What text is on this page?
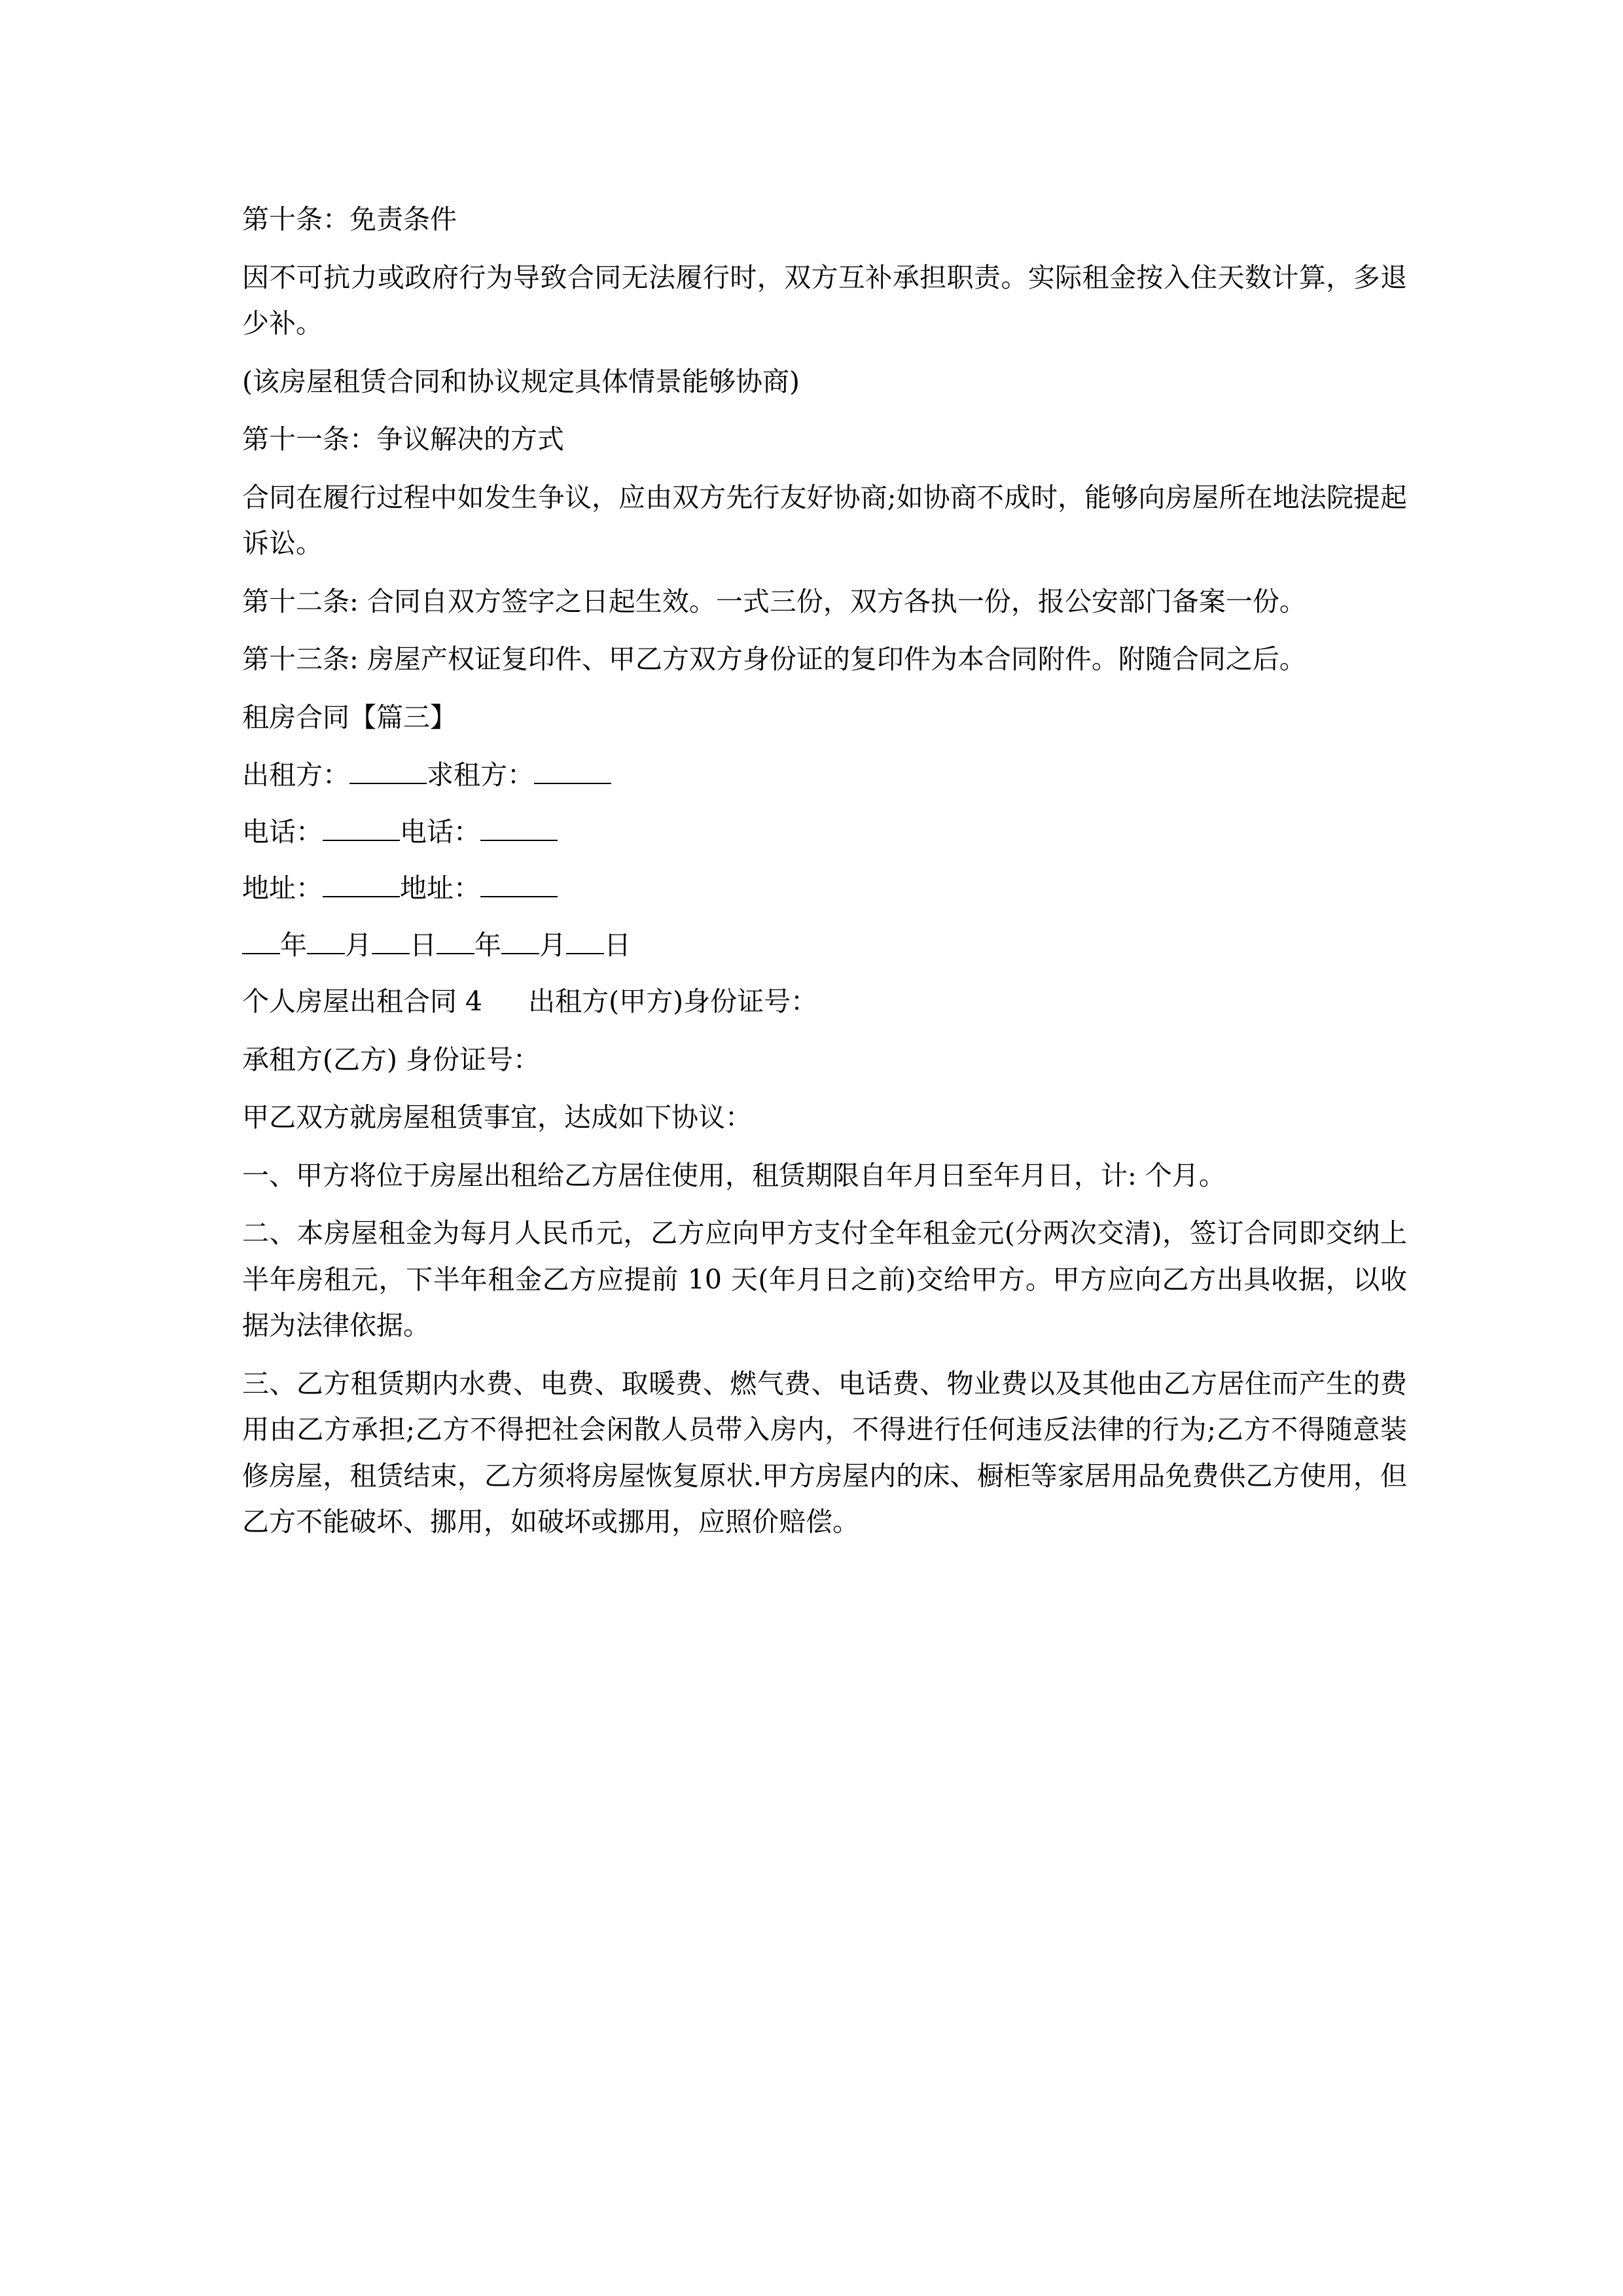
第十条：免责条件

因不可抗力或政府行为导致合同无法履行时，双方互补承担职责。实际租金按入住天数计算，多退少补。

(该房屋租赁合同和协议规定具体情景能够协商)

第十一条：争议解决的方式

合同在履行过程中如发生争议，应由双方先行友好协商;如协商不成时，能够向房屋所在地法院提起诉讼。

第十二条: 合同自双方签字之日起生效。一式三份，双方各执一份，报公安部门备案一份。

第十三条: 房屋产权证复印件、甲乙方双方身份证的复印件为本合同附件。附随合同之后。

租房合同【篇三】

出租方：	求租方：

电话：	电话：

地址：	地址：

年 月 日 年 月 日

个人房屋出租合同 4 出租方(甲方)身份证号：

承租方(乙方) 身份证号：

甲乙双方就房屋租赁事宜，达成如下协议：

一、甲方将位于房屋出租给乙方居住使用，租赁期限自年月日至年月日，计: 个月。

二、本房屋租金为每月人民币元，乙方应向甲方支付全年租金元(分两次交清)，签订合同即交纳上半年房租元，下半年租金乙方应提前 10 天(年月日之前)交给甲方。甲方应向乙方出具收据，以收据为法律依据。

三、乙方租赁期内水费、电费、取暖费、燃气费、电话费、物业费以及其他由乙方居住而产生的费用由乙方承担;乙方不得把社会闲散人员带入房内，不得进行任何违反法律的行为;乙方不得随意装修房屋，租赁结束，乙方须将房屋恢复原状.甲方房屋内的床、橱柜等家居用品免费供乙方使用，但乙方不能破坏、挪用，如破坏或挪用，应照价赔偿。
